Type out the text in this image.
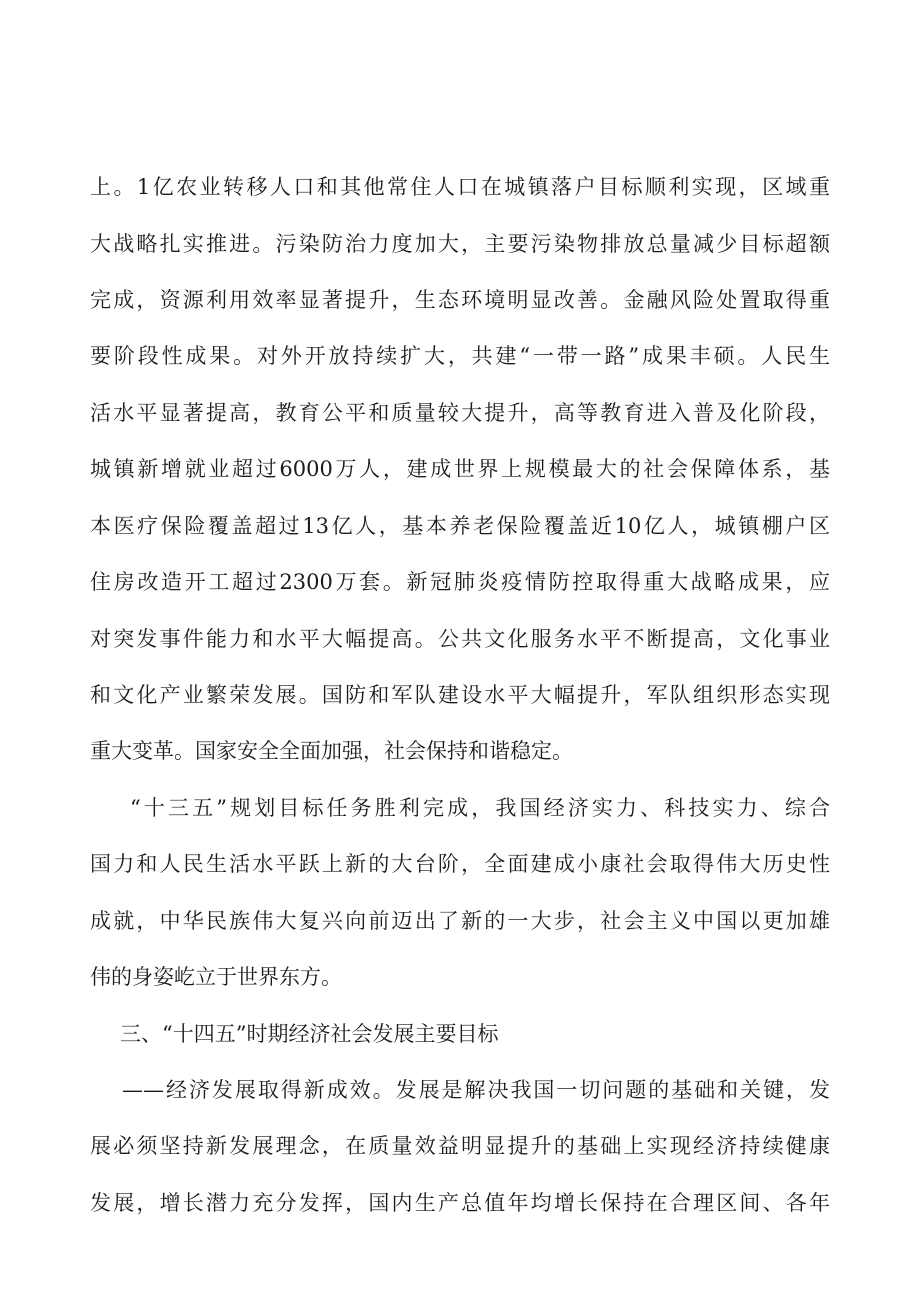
上。1亿农业转移人口和其他常住人口在城镇落户目标顺利实现，区域重
大战略扎实推进。污染防治力度加大，主要污染物排放总量减少目标超额
完成，资源利用效率显著提升，生态环境明显改善。金融风险处置取得重
要阶段性成果。对外开放持续扩大，共建“一带一路”成果丰硕。人民生
活水平显著提高，教育公平和质量较大提升，高等教育进入普及化阶段，
城镇新增就业超过6000万人，建成世界上规模最大的社会保障体系，基
本医疗保险覆盖超过13亿人，基本养老保险覆盖近10亿人，城镇棚户区
住房改造开工超过2300万套。新冠肺炎疫情防控取得重大战略成果，应
对突发事件能力和水平大幅提高。公共文化服务水平不断提高，文化事业
和文化产业繁荣发展。国防和军队建设水平大幅提升，军队组织形态实现
重大变革。国家安全全面加强，社会保持和谐稳定。
“十三五”规划目标任务胜利完成，我国经济实力、科技实力、综合
国力和人民生活水平跃上新的大台阶，全面建成小康社会取得伟大历史性
成就，中华民族伟大复兴向前迈出了新的一大步，社会主义中国以更加雄
伟的身姿屹立于世界东方。
三、“十四五”时期经济社会发展主要目标
——经济发展取得新成效。发展是解决我国一切问题的基础和关键，发
展必须坚持新发展理念，在质量效益明显提升的基础上实现经济持续健康
发展，增长潜力充分发挥，国内生产总值年均增长保持在合理区间、各年
